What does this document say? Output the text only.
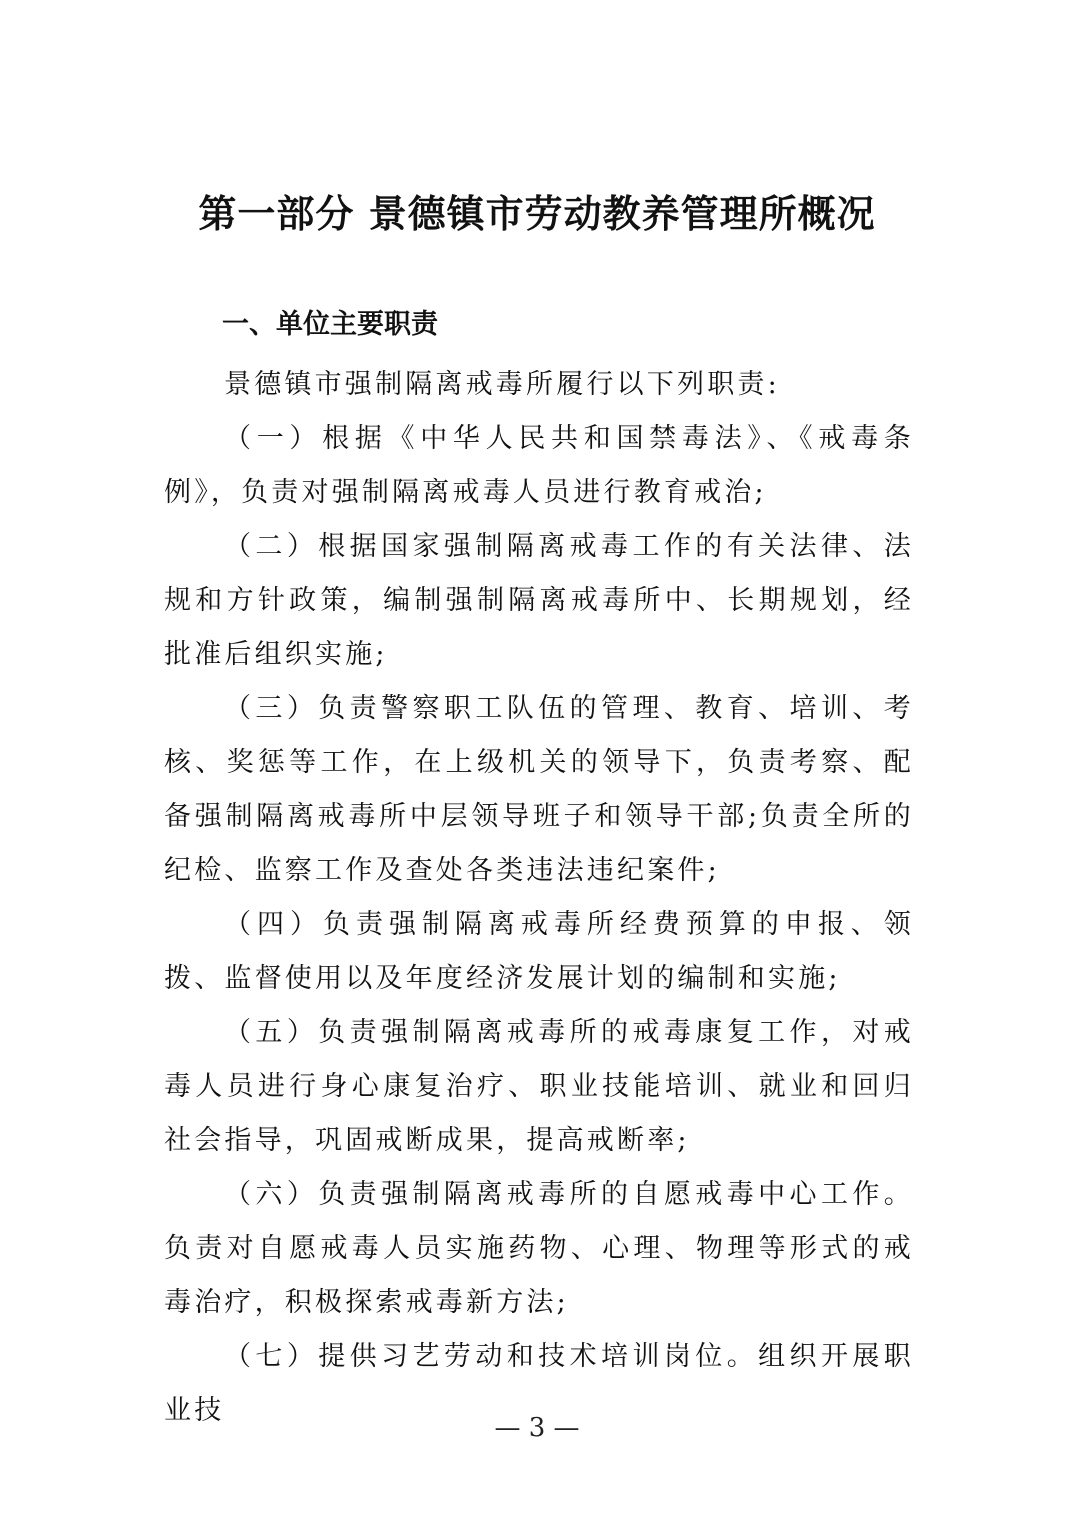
第一部分 景德镇市劳动教养管理所概况
一、单位主要职责
景德镇市强制隔离戒毒所履行以下列职责:

（一）根据《中华人民共和国禁毒法》、《戒毒条例》，负责对强制隔离戒毒人员进行教育戒治;

（二）根据国家强制隔离戒毒工作的有关法律、法规和方针政策，编制强制隔离戒毒所中、长期规划，经批准后组织实施;

（三）负责警察职工队伍的管理、教育、培训、考核、奖惩等工作，在上级机关的领导下，负责考察、配备强制隔离戒毒所中层领导班子和领导干部;负责全所的纪检、监察工作及查处各类违法违纪案件;

（四）负责强制隔离戒毒所经费预算的申报、领拨、监督使用以及年度经济发展计划的编制和实施;

（五）负责强制隔离戒毒所的戒毒康复工作，对戒毒人员进行身心康复治疗、职业技能培训、就业和回归社会指导，巩固戒断成果，提高戒断率;

（六）负责强制隔离戒毒所的自愿戒毒中心工作。负责对自愿戒毒人员实施药物、心理、物理等形式的戒毒治疗，积极探索戒毒新方法;

（七）提供习艺劳动和技术培训岗位。组织开展职业技

— 3 —
